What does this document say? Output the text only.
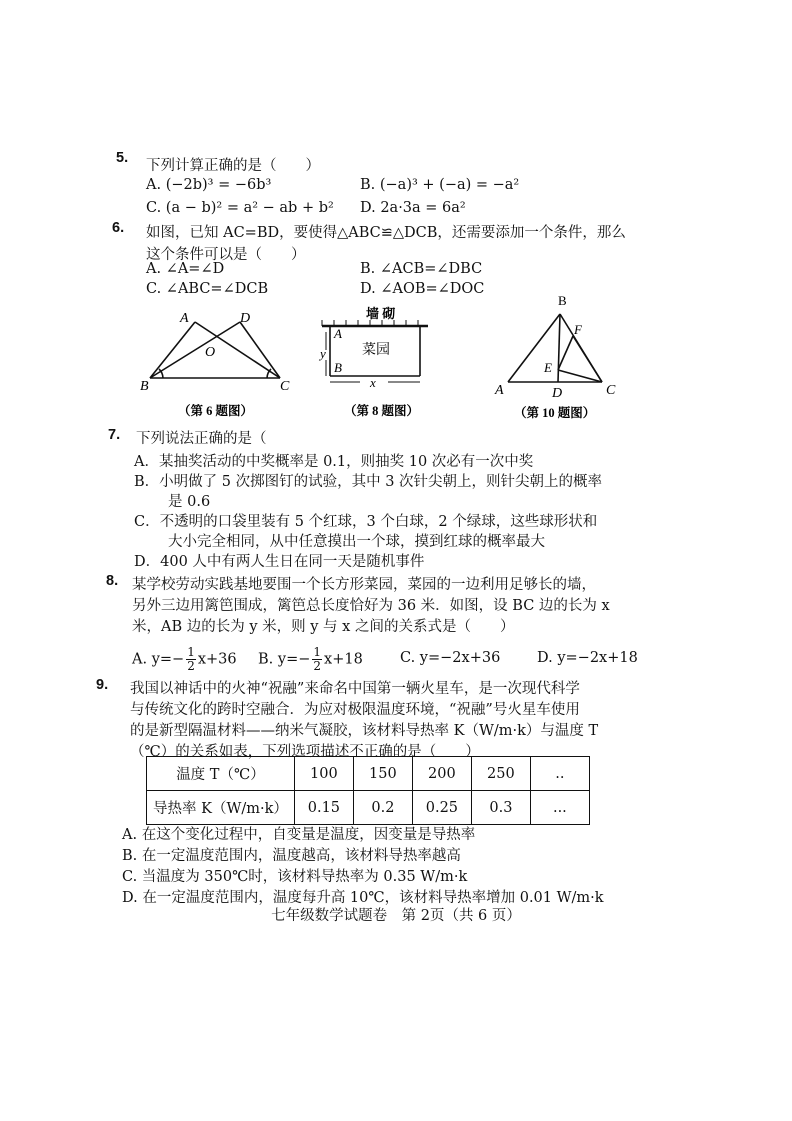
5. 下列计算正确的是（　　）
A. (−2b)³ = −6b³	B. (−a)³ + (−a) = −a²
C. (a − b)² = a² − ab + b² D. 2a·3a = 6a²
6. 如图，已知 AC=BD，要使得△ABC≌△DCB，还需要添加一个条件，那么
这个条件可以是（　　）
A. ∠A=∠D	B. ∠ACB=∠DBC
C. ∠ABC=∠DCB	D. ∠AOB=∠DOC
A	D
O
B	C
（第 6 题图）
墙 砌
A
y	菜园
B
x
（第 8 题图）
B
F
E
A	D	C
（第 10 题图）
7. 下列说法正确的是（
A．某抽奖活动的中奖概率是 0.1，则抽奖 10 次必有一次中奖
B．小明做了 5 次掷图钉的试验，其中 3 次针尖朝上，则针尖朝上的概率
是 0.6
C．不透明的口袋里装有 5 个红球，3 个白球，2 个绿球，这些球形状和
大小完全相同，从中任意摸出一个球，摸到红球的概率最大
D．400 人中有两人生日在同一天是随机事件
8. 某学校劳动实践基地要围一个长方形菜园，菜园的一边利用足够长的墙，
另外三边用篱笆围成，篱笆总长度恰好为 36 米．如图，设 BC 边的长为 x
米，AB 边的长为 y 米，则 y 与 x 之间的关系式是（　　）
A. $y=- \frac{1}{2} x+36$ B. $y=- \frac{1}{2} x+18$	C. y=−2x+36	D. y=−2x+18
9. 我国以神话中的火神“祝融”来命名中国第一辆火星车，是一次现代科学
与传统文化的跨时空融合．为应对极限温度环境，“祝融”号火星车使用
的是新型隔温材料——纳米气凝胶，该材料导热率 K（W/m·k）与温度 T
（℃）的关系如表，下列选项描述不正确的是（　　）
温度 T（℃）	100	150	200	250	..
导热率 K（W/m·k）	0.15	0.2	0.25	0.3	...
A. 在这个变化过程中，自变量是温度，因变量是导热率
B. 在一定温度范围内，温度越高，该材料导热率越高
C. 当温度为 350℃时，该材料导热率为 0.35 W/m·k
D. 在一定温度范围内，温度每升高 10℃，该材料导热率增加 0.01 W/m·k
七年级数学试题卷　第 2页（共 6 页）
